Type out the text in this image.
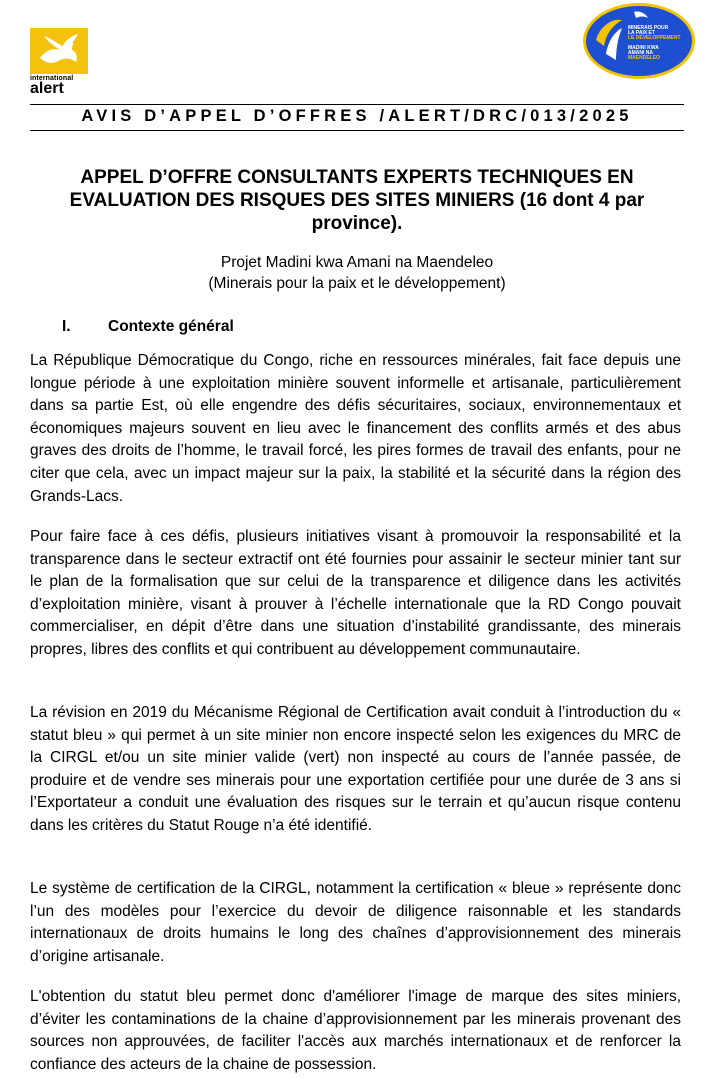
international
alert
MINERAIS POUR
LA PAIX ET
LE DÉVELOPPEMENT
MADINI KWA
AMANI NA
MAENDELEO
AVIS D’APPEL D’OFFRES /ALERT/DRC/013/2025
APPEL D’OFFRE CONSULTANTS EXPERTS TECHNIQUES EN EVALUATION DES RISQUES DES SITES MINIERS (16 dont 4 par province).
Projet Madini kwa Amani na Maendeleo
(Minerais pour la paix et le développement)
I. Contexte général

La République Démocratique du Congo, riche en ressources minérales, fait face depuis une longue période à une exploitation minière souvent informelle et artisanale, particulièrement dans sa partie Est, où elle engendre des défis sécuritaires, sociaux, environnementaux et économiques majeurs souvent en lieu avec le financement des conflits armés et des abus graves des droits de l’homme, le travail forcé, les pires formes de travail des enfants, pour ne citer que cela, avec un impact majeur sur la paix, la stabilité et la sécurité dans la région des Grands-Lacs.

Pour faire face à ces défis, plusieurs initiatives visant à promouvoir la responsabilité et la transparence dans le secteur extractif ont été fournies pour assainir le secteur minier tant sur le plan de la formalisation que sur celui de la transparence et diligence dans les activités d’exploitation minière, visant à prouver à l’échelle internationale que la RD Congo pouvait commercialiser, en dépit d’être dans une situation d’instabilité grandissante, des minerais propres, libres des conflits et qui contribuent au développement communautaire.

La révision en 2019 du Mécanisme Régional de Certification avait conduit à l’introduction du « statut bleu » qui permet à un site minier non encore inspecté selon les exigences du MRC de la CIRGL et/ou un site minier valide (vert) non inspecté au cours de l’année passée, de produire et de vendre ses minerais pour une exportation certifiée pour une durée de 3 ans si l’Exportateur a conduit une évaluation des risques sur le terrain et qu’aucun risque contenu dans les critères du Statut Rouge n’a été identifié.

Le système de certification de la CIRGL, notamment la certification « bleue » représente donc l’un des modèles pour l’exercice du devoir de diligence raisonnable et les standards internationaux de droits humains le long des chaînes d’approvisionnement des minerais d’origine artisanale.

L'obtention du statut bleu permet donc d'améliorer l'image de marque des sites miniers, d’éviter les contaminations de la chaine d’approvisionnement par les minerais provenant des sources non approuvées, de faciliter l'accès aux marchés internationaux et de renforcer la confiance des acteurs de la chaine de possession.
